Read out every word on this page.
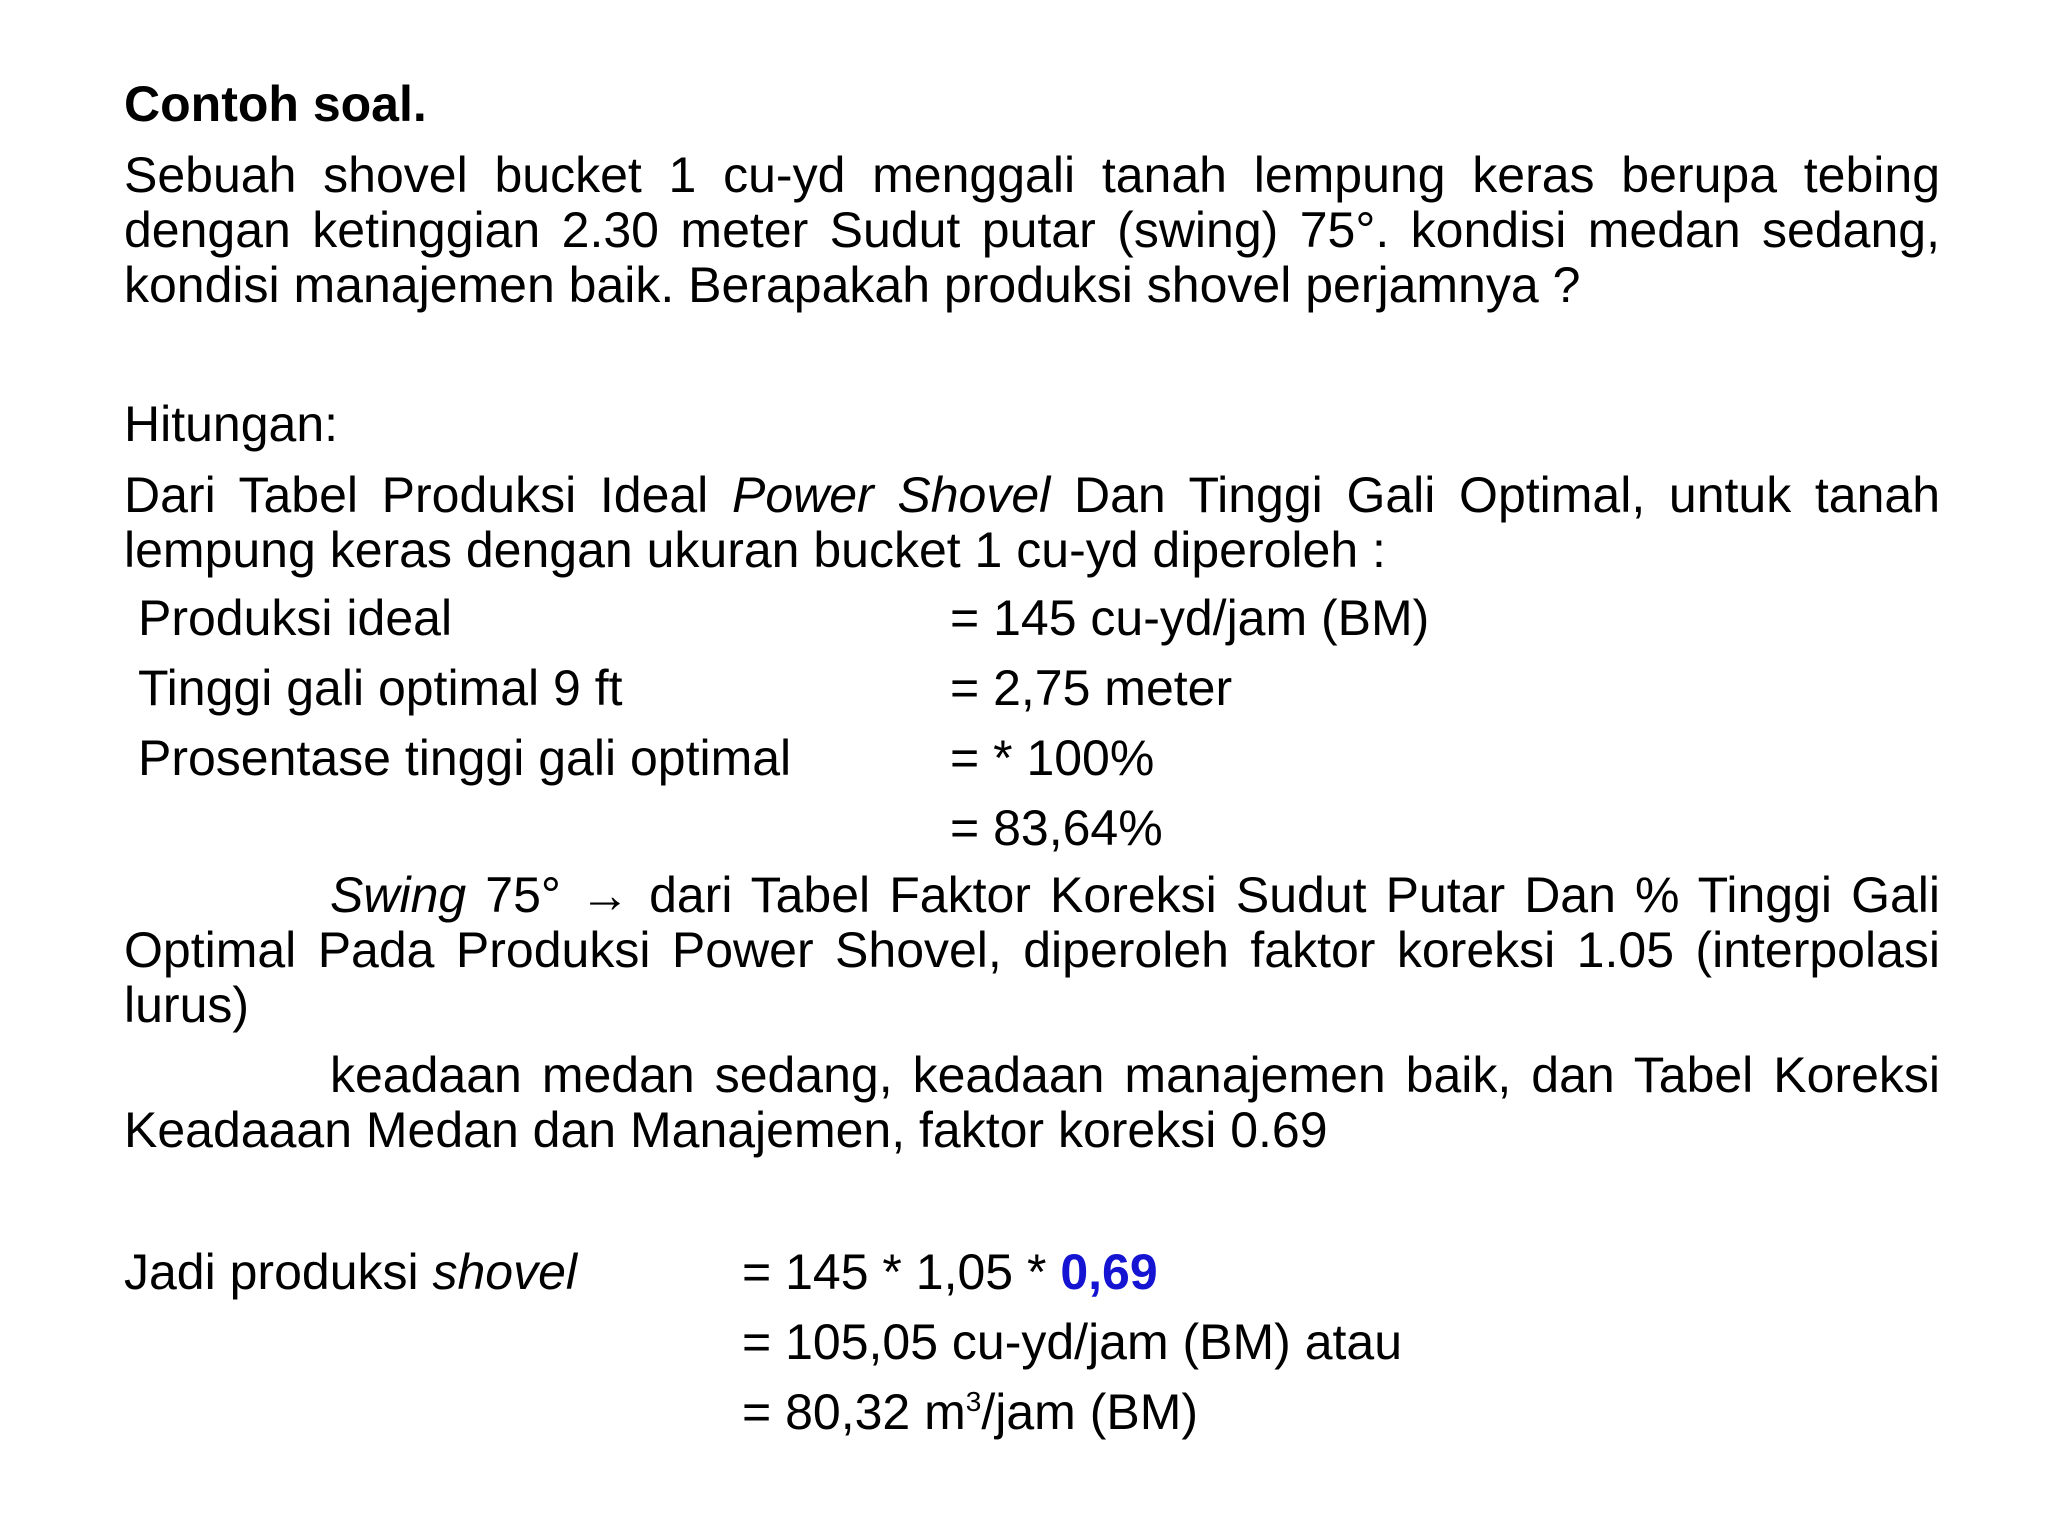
Contoh soal.
Sebuah shovel bucket 1 cu-yd menggali tanah lempung keras berupa tebing dengan ketinggian 2.30 meter Sudut putar (swing) 75°. kondisi medan sedang, kondisi manajemen baik. Berapakah produksi shovel perjamnya ?
Hitungan:
Dari Tabel Produksi Ideal Power Shovel Dan Tinggi Gali Optimal, untuk tanah lempung keras dengan ukuran bucket 1 cu-yd diperoleh :
Produksi ideal	= 145 cu-yd/jam (BM)
Tinggi gali optimal 9 ft	= 2,75 meter
Prosentase tinggi gali optimal	= * 100%
= 83,64%
Swing 75° → dari Tabel Faktor Koreksi Sudut Putar Dan % Tinggi Gali Optimal Pada Produksi Power Shovel, diperoleh faktor koreksi 1.05 (interpolasi lurus)
keadaan medan sedang, keadaan manajemen baik, dan Tabel Koreksi Keadaaan Medan dan Manajemen, faktor koreksi 0.69
Jadi produksi shovel	= 145 * 1,05 * 0,69
= 105,05 cu-yd/jam (BM) atau
= 80,32 $m^3$/jam (BM)
